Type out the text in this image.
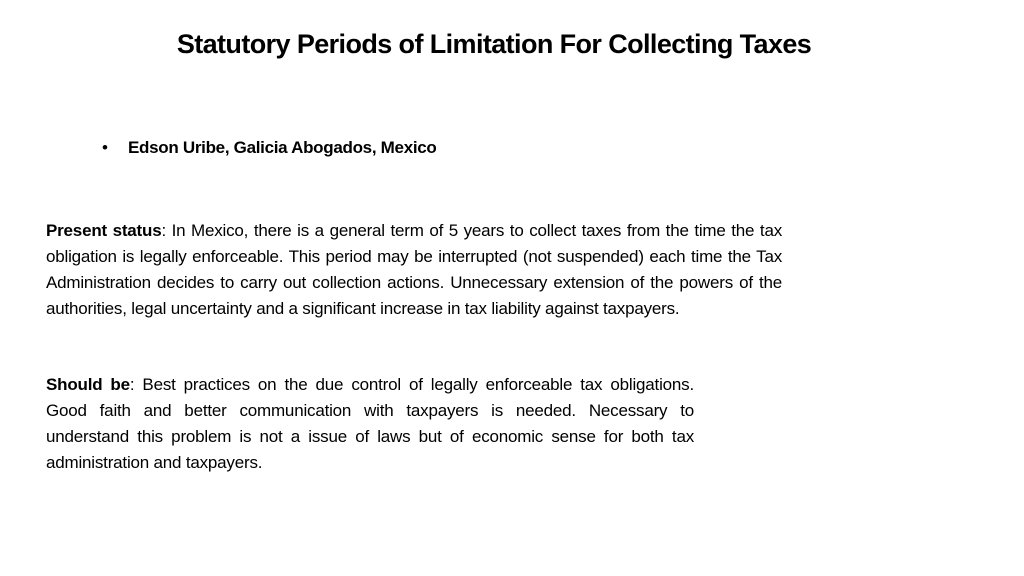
Statutory Periods of Limitation For Collecting Taxes
• Edson Uribe, Galicia Abogados, Mexico

Present status: In Mexico, there is a general term of 5 years to collect taxes from the time the tax obligation is legally enforceable. This period may be interrupted (not suspended) each time the Tax Administration decides to carry out collection actions. Unnecessary extension of the powers of the authorities, legal uncertainty and a significant increase in tax liability against taxpayers.

Should be: Best practices on the due control of legally enforceable tax obligations. Good faith and better communication with taxpayers is needed. Necessary to understand this problem is not a issue of laws but of economic sense for both tax administration and taxpayers.
